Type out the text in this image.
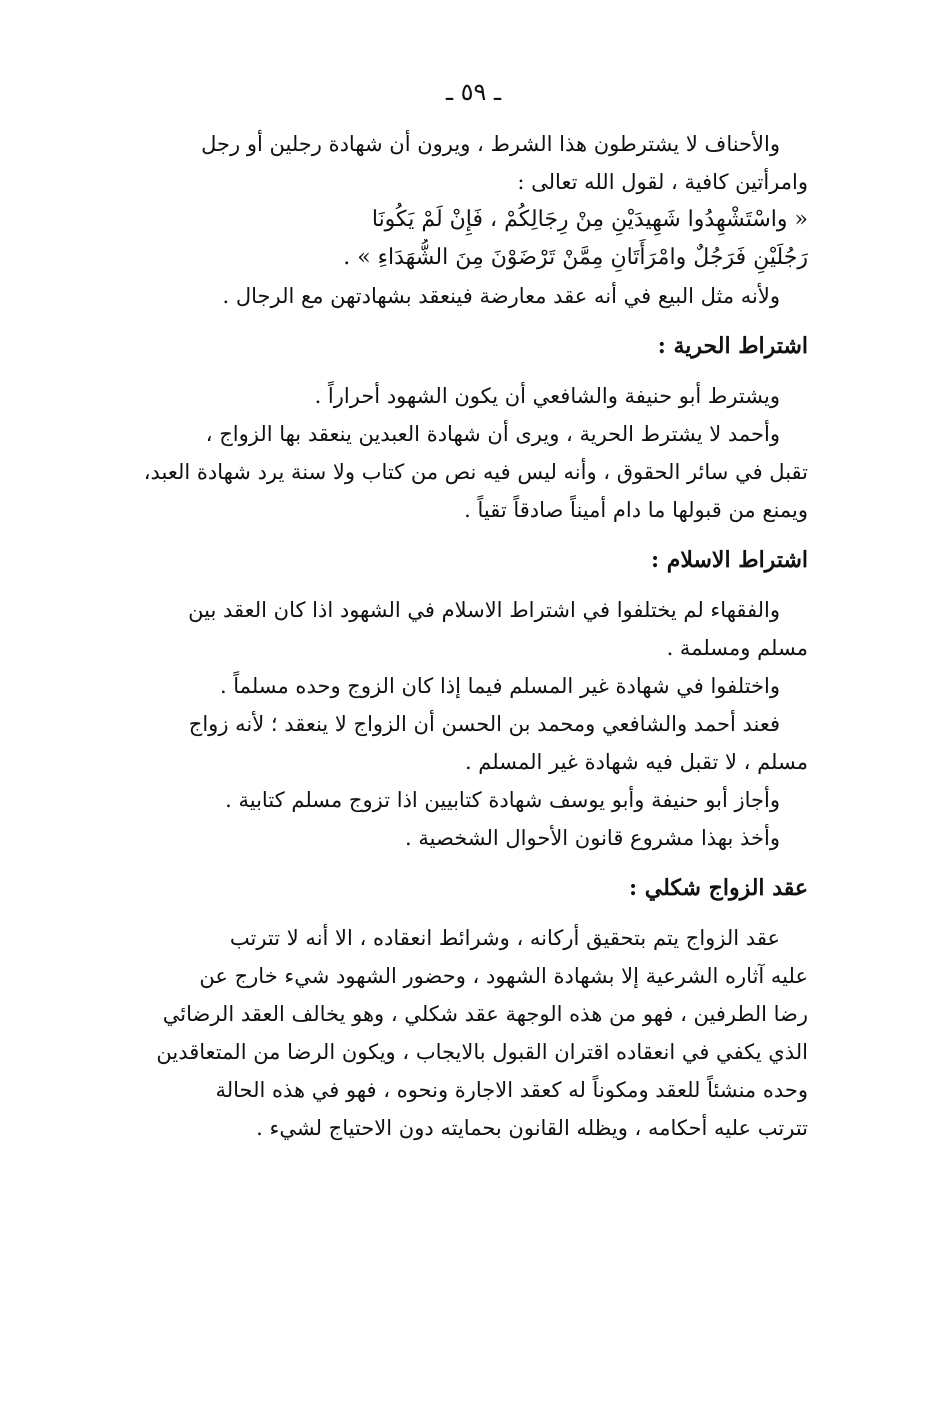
ـ ٥٩ ـ
والأحناف لا يشترطون هذا الشرط ، ويرون أن شهادة رجلين أو رجل
وامرأتين كافية ، لقول الله تعالى :
« واسْتَشْهِدُوا شَهِيدَيْنِ مِنْ رِجَالِكُمْ ، فَإِنْ لَمْ يَكُونَا
رَجُلَيْنِ فَرَجُلٌ وامْرَأَتَانِ مِمَّنْ تَرْضَوْنَ مِنَ الشُّهَدَاءِ » .
ولأنه مثل البيع في أنه عقد معارضة فينعقد بشهادتهن مع الرجال .
اشتراط الحرية :
ويشترط أبو حنيفة والشافعي أن يكون الشهود أحراراً .
وأحمد لا يشترط الحرية ، ويرى أن شهادة العبدين ينعقد بها الزواج ،
تقبل في سائر الحقوق ، وأنه ليس فيه نص من كتاب ولا سنة يرد شهادة العبد،
ويمنع من قبولها ما دام أميناً صادقاً تقياً .
اشتراط الاسلام :
والفقهاء لم يختلفوا في اشتراط الاسلام في الشهود اذا كان العقد بين
مسلم ومسلمة .
واختلفوا في شهادة غير المسلم فيما إذا كان الزوج وحده مسلماً .
فعند أحمد والشافعي ومحمد بن الحسن أن الزواج لا ينعقد ؛ لأنه زواج
مسلم ، لا تقبل فيه شهادة غير المسلم .
وأجاز أبو حنيفة وأبو يوسف شهادة كتابيين اذا تزوج مسلم كتابية .
وأخذ بهذا مشروع قانون الأحوال الشخصية .
عقد الزواج شكلي :
عقد الزواج يتم بتحقيق أركانه ، وشرائط انعقاده ، الا أنه لا تترتب
عليه آثاره الشرعية إلا بشهادة الشهود ، وحضور الشهود شيء خارج عن
رضا الطرفين ، فهو من هذه الوجهة عقد شكلي ، وهو يخالف العقد الرضائي
الذي يكفي في انعقاده اقتران القبول بالايجاب ، ويكون الرضا من المتعاقدين
وحده منشئاً للعقد ومكوناً له كعقد الاجارة ونحوه ، فهو في هذه الحالة
تترتب عليه أحكامه ، ويظله القانون بحمايته دون الاحتياج لشيء .
